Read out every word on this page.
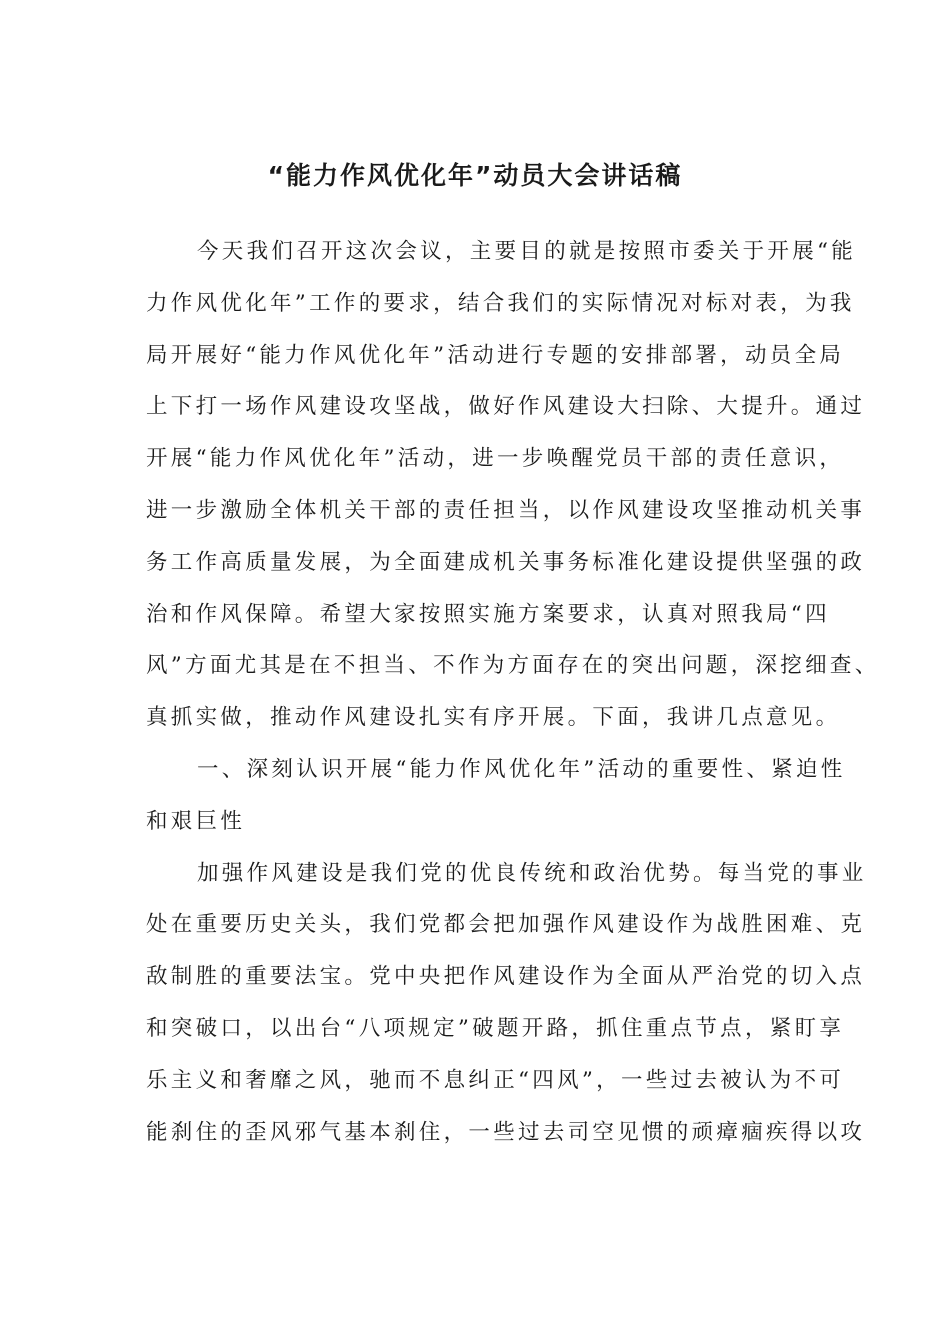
“能力作风优化年”动员大会讲话稿
今天我们召开这次会议，主要目的就是按照市委关于开展“能
力作风优化年”工作的要求，结合我们的实际情况对标对表，为我
局开展好“能力作风优化年”活动进行专题的安排部署，动员全局
上下打一场作风建设攻坚战，做好作风建设大扫除、大提升。通过
开展“能力作风优化年”活动，进一步唤醒党员干部的责任意识，
进一步激励全体机关干部的责任担当，以作风建设攻坚推动机关事
务工作高质量发展，为全面建成机关事务标准化建设提供坚强的政
治和作风保障。希望大家按照实施方案要求，认真对照我局“四
风”方面尤其是在不担当、不作为方面存在的突出问题，深挖细查、
真抓实做，推动作风建设扎实有序开展。下面，我讲几点意见。
一、深刻认识开展“能力作风优化年”活动的重要性、紧迫性
和艰巨性
加强作风建设是我们党的优良传统和政治优势。每当党的事业
处在重要历史关头，我们党都会把加强作风建设作为战胜困难、克
敌制胜的重要法宝。党中央把作风建设作为全面从严治党的切入点
和突破口，以出台“八项规定”破题开路，抓住重点节点，紧盯享
乐主义和奢靡之风，驰而不息纠正“四风”，一些过去被认为不可
能刹住的歪风邪气基本刹住，一些过去司空见惯的顽瘴痼疾得以攻
